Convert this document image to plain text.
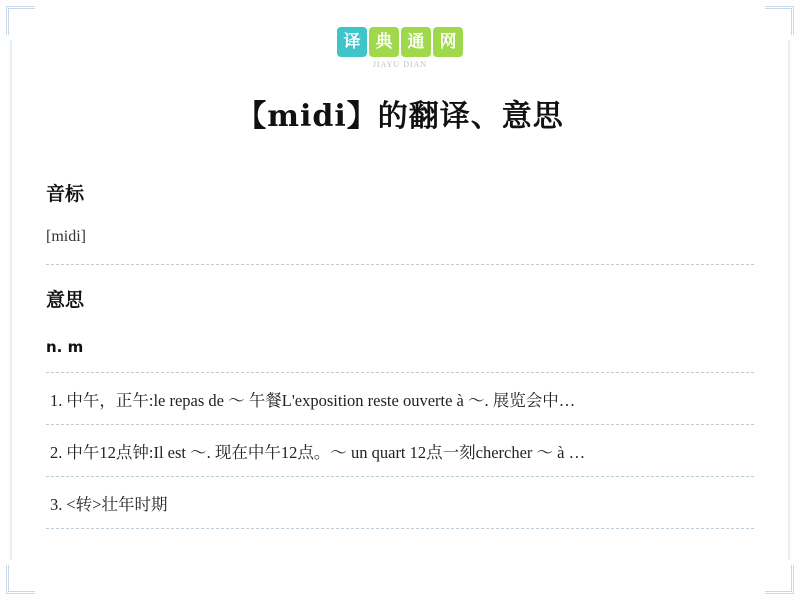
译 典 通 网
JIAYU DIAN
【midi】的翻译、意思
音标
[midi]
意思
n. m
1. 中午，正午:le repas de ～ 午餐L'exposition reste ouverte à ～. 展览会中…
2. 中午12点钟:Il est ～. 现在中午12点。～ un quart 12点一刻chercher ～ à …
3. <转>壮年时期
